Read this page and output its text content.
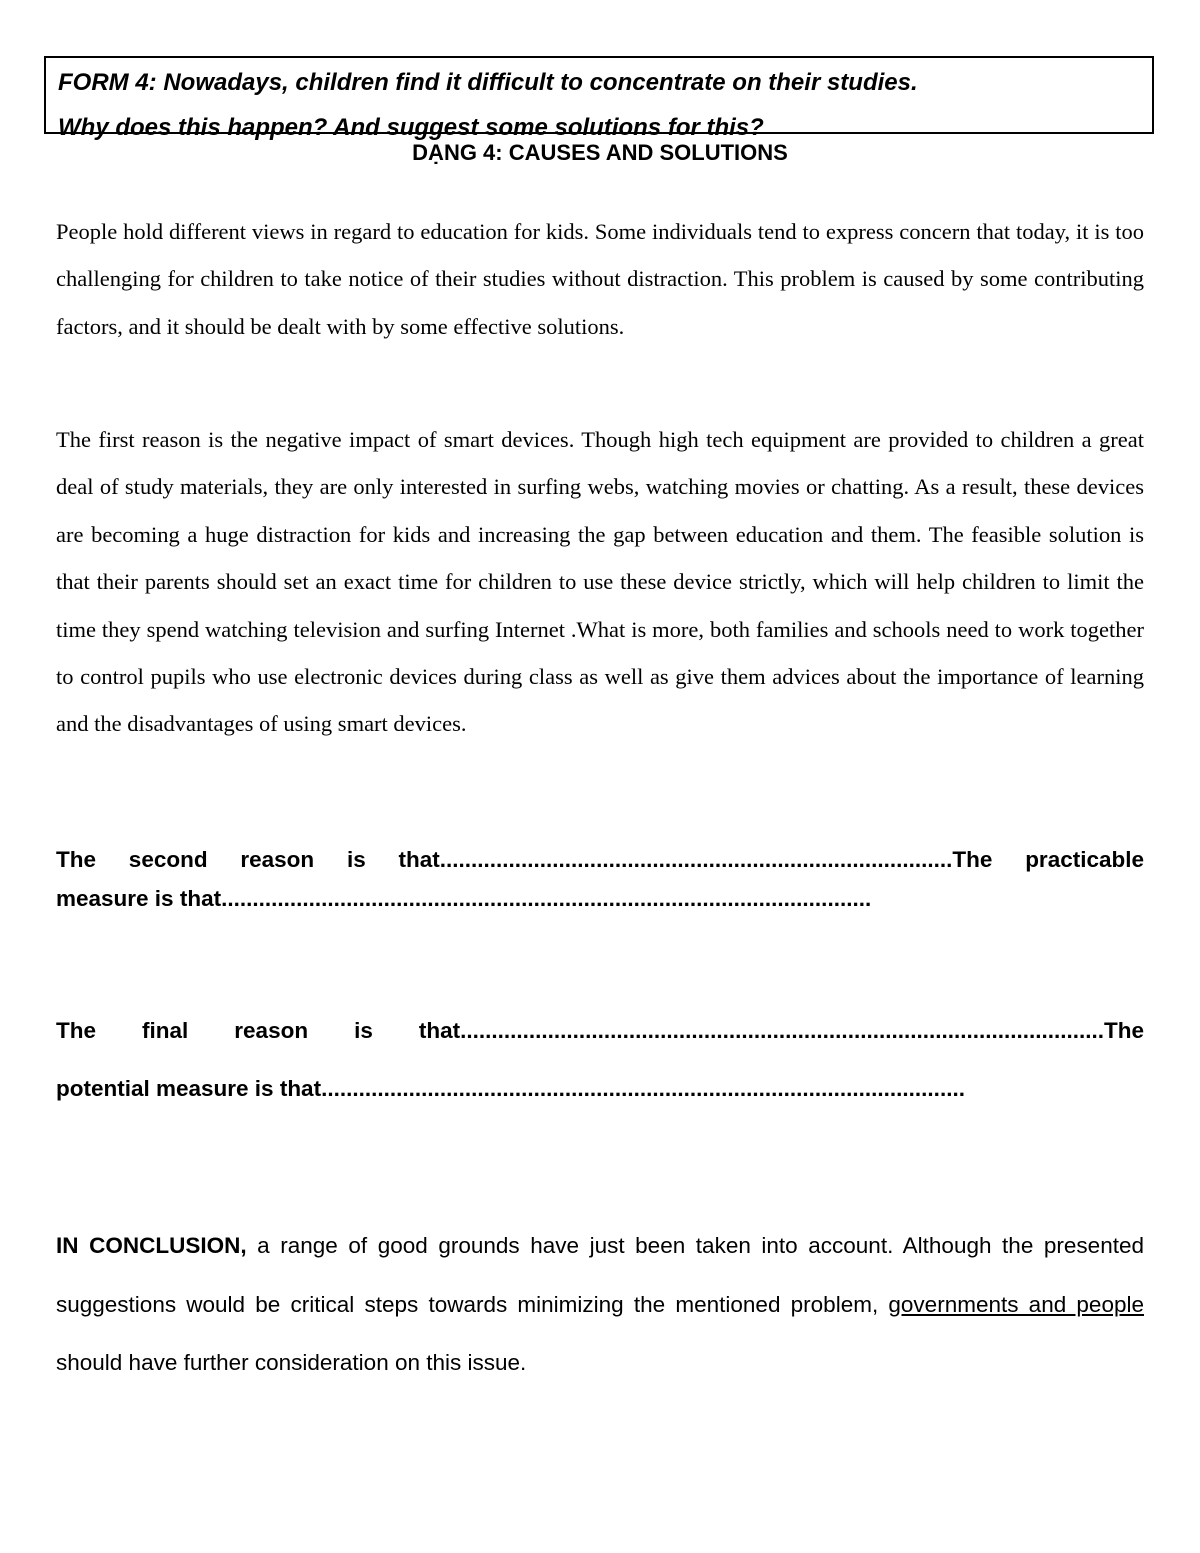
FORM 4: Nowadays, children find it difficult to concentrate on their studies.
Why does this happen? And suggest some solutions for this?
DẠNG 4: CAUSES AND SOLUTIONS

People hold different views in regard to education for kids. Some individuals tend to express concern that today, it is too challenging for children to take notice of their studies without distraction. This problem is caused by some contributing factors, and it should be dealt with by some effective solutions.

The first reason is the negative impact of smart devices. Though high tech equipment are provided to children a great deal of study materials, they are only interested in surfing webs, watching movies or chatting. As a result, these devices are becoming a huge distraction for kids and increasing the gap between education and them. The feasible solution is that their parents should set an exact time for children to use these device strictly, which will help children to limit the time they spend watching television and surfing Internet .What is more, both families and schools need to work together to control pupils who use electronic devices during class as well as give them advices about the importance of learning and the disadvantages of using smart devices.

The second reason is that..................................................................................The practicable
measure is that........................................................................................................
The final reason is that.......................................................................................................The
potential measure is that.......................................................................................................

IN CONCLUSION, a range of good grounds have just been taken into account. Although the presented suggestions would be critical steps towards minimizing the mentioned problem, governments and people should have further consideration on this issue.
